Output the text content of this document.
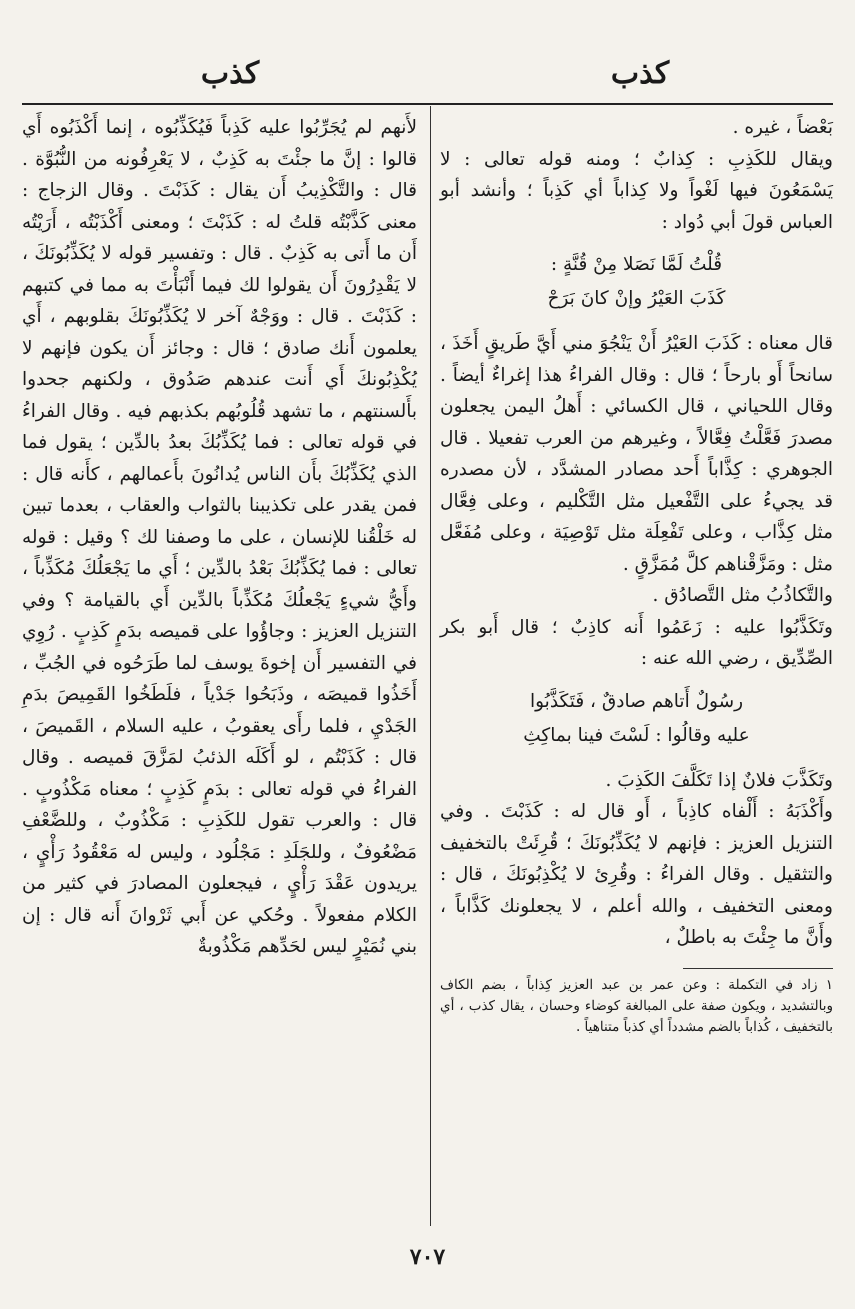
كذب
كذب

بَعْضاً ، غيره .

ويقال للكَذِبِ : كِذابٌ ؛ ومنه قوله تعالى : لا يَسْمَعُونَ فيها لَغْواً ولا كِذاباً أي كَذِباً ؛ وأنشد أبو العباس قولَ أبي دُواد :

قُلْتُ لَمَّا نَصَلا مِنْ قُنَّةٍ :
كَذَبَ العَيْرُ وإنْ كانَ بَرَحْ

قال معناه : كَذَبَ العَيْرُ أَنْ يَنْجُوَ مني أَيَّ طَريقٍ أَخَذَ ، سانحاً أَو بارحاً ؛ قال : وقال الفراءُ هذا إغراءٌ أيضاً . وقال اللحياني ، قال الكسائي : أَهلُ اليمن يجعلون مصدرَ فَعَّلْتُ فِعَّالاً ، وغيرهم من العرب تفعيلا . قال الجوهري : كِذَّاباً أَحد مصادر المشدَّد ، لأن مصدره قد يجيءُ على التَّفْعيل مثل التَّكْليم ، وعلى فِعَّال مثل كِذَّاب ، وعلى تَفْعِلَة مثل تَوْصِيَة ، وعلى مُفَعَّل مثل : ومَزَّقْناهم كلَّ مُمَزَّقٍ .

والتَّكاذُبُ مثل التَّصادُق .

وتَكَذَّبُوا عليه : زَعَمُوا أَنه كاذِبٌ ؛ قال أَبو بكر الصِّدِّيق ، رضي الله عنه :

رسُولٌ أَتاهم صادقٌ ، فَتَكَذَّبُوا
عليه وقالُوا : لَسْتَ فينا بماكِثِ

وتَكَذَّبَ فلانٌ إذا تَكَلَّفَ الكَذِبَ .

وأَكْذَبَهُ : أَلْفاه كاذِباً ، أَو قال له : كَذَبْتَ . وفي التنزيل العزيز : فإنهم لا يُكَذِّبُونَكَ ؛ قُرِئَتْ بالتخفيف والتثقيل . وقال الفراءُ : وقُرِئ لا يُكْذِبُونَكَ ، قال : ومعنى التخفيف ، والله أعلم ، لا يجعلونك كَذَّاباً ، وأَنَّ ما جِئْتَ به باطلٌ ،

١ زاد في التكملة : وعن عمر بن عبد العزيز كِذاباً ، بضم الكاف وبالتشديد ، ويكون صفة على المبالغة كوضاء وحسان ، يقال كذب ، أي بالتخفيف ، كُذاباً بالضم مشدداً أي كذباً متناهياً .

لأَنهم لم يُجَرِّبُوا عليه كَذِباً فَيُكَذِّبُوه ، إنما أَكْذَبُوه أَي قالوا : إنَّ ما جئْتَ به كَذِبٌ ، لا يَعْرِفُونه من النُّبُوَّة . قال : والتَّكْذِيبُ أَن يقال : كَذَبْتَ . وقال الزجاج : معنى كَذَّبْتُه قلتُ له : كَذَبْتَ ؛ ومعنى أَكْذَبْتُه ، أَرَيْتُه أَن ما أَتى به كَذِبٌ . قال : وتفسير قوله لا يُكَذِّبُونَكَ ، لا يَقْدِرُونَ أَن يقولوا لك فيما أَنْبَأْتَ به مما في كتبهم : كَذَبْتَ . قال : ووَجْهٌ آخر لا يُكَذِّبُونَكَ بقلوبهم ، أَي يعلمون أَنك صادق ؛ قال : وجائز أَن يكون فإنهم لا يُكْذِبُونكَ أَي أَنت عندهم صَدُوق ، ولكنهم جحدوا بأَلسنتهم ، ما تشهد قُلُوبُهم بكذبهم فيه . وقال الفراءُ في قوله تعالى : فما يُكَذِّبُكَ بعدُ بالدِّين ؛ يقول فما الذي يُكَذِّبُكَ بأَن الناس يُدانُونَ بأَعمالهم ، كأَنه قال : فمن يقدر على تكذيبنا بالثواب والعقاب ، بعدما تبين له خَلْقُنا للإنسان ، على ما وصفنا لك ؟ وقيل : قوله تعالى : فما يُكَذِّبُكَ بَعْدُ بالدِّين ؛ أَي ما يَجْعَلُكَ مُكَذِّباً ، وأَيُّ شيءٍ يَجْعلُكَ مُكَذِّباً بالدِّين أَي بالقيامة ؟ وفي التنزيل العزيز : وجاؤُوا على قميصه بدَمٍ كَذِبٍ . رُوِي في التفسير أَن إخوةَ يوسف لما طَرَحُوه في الجُبِّ ، أَخَذُوا قميصَه ، وذَبَحُوا جَدْياً ، فلَطَخُوا القَمِيصَ بدَمِ الجَدْيِ ، فلما رأَى يعقوبُ ، عليه السلام ، القَميصَ ، قال : كَذَبْتُم ، لو أَكَلَه الذئبُ لمَزَّقَ قميصه . وقال الفراءُ في قوله تعالى : بدَمٍ كَذِبٍ ؛ معناه مَكْذُوبٍ . قال : والعرب تقول للكَذِبِ : مَكْذُوبٌ ، وللضَّعْفِ مَضْعُوفٌ ، وللجَلَدِ : مَجْلُود ، وليس له مَعْقُودُ رَأْيٍ ، يريدون عَقْدَ رَأْيٍ ، فيجعلون المصادرَ في كثير من الكلام مفعولاً . وحُكي عن أَبي ثَرْوانَ أَنه قال : إن بني نُمَيْرٍ ليس لحَدِّهم مَكْذُوبةٌ

٧٠٧
